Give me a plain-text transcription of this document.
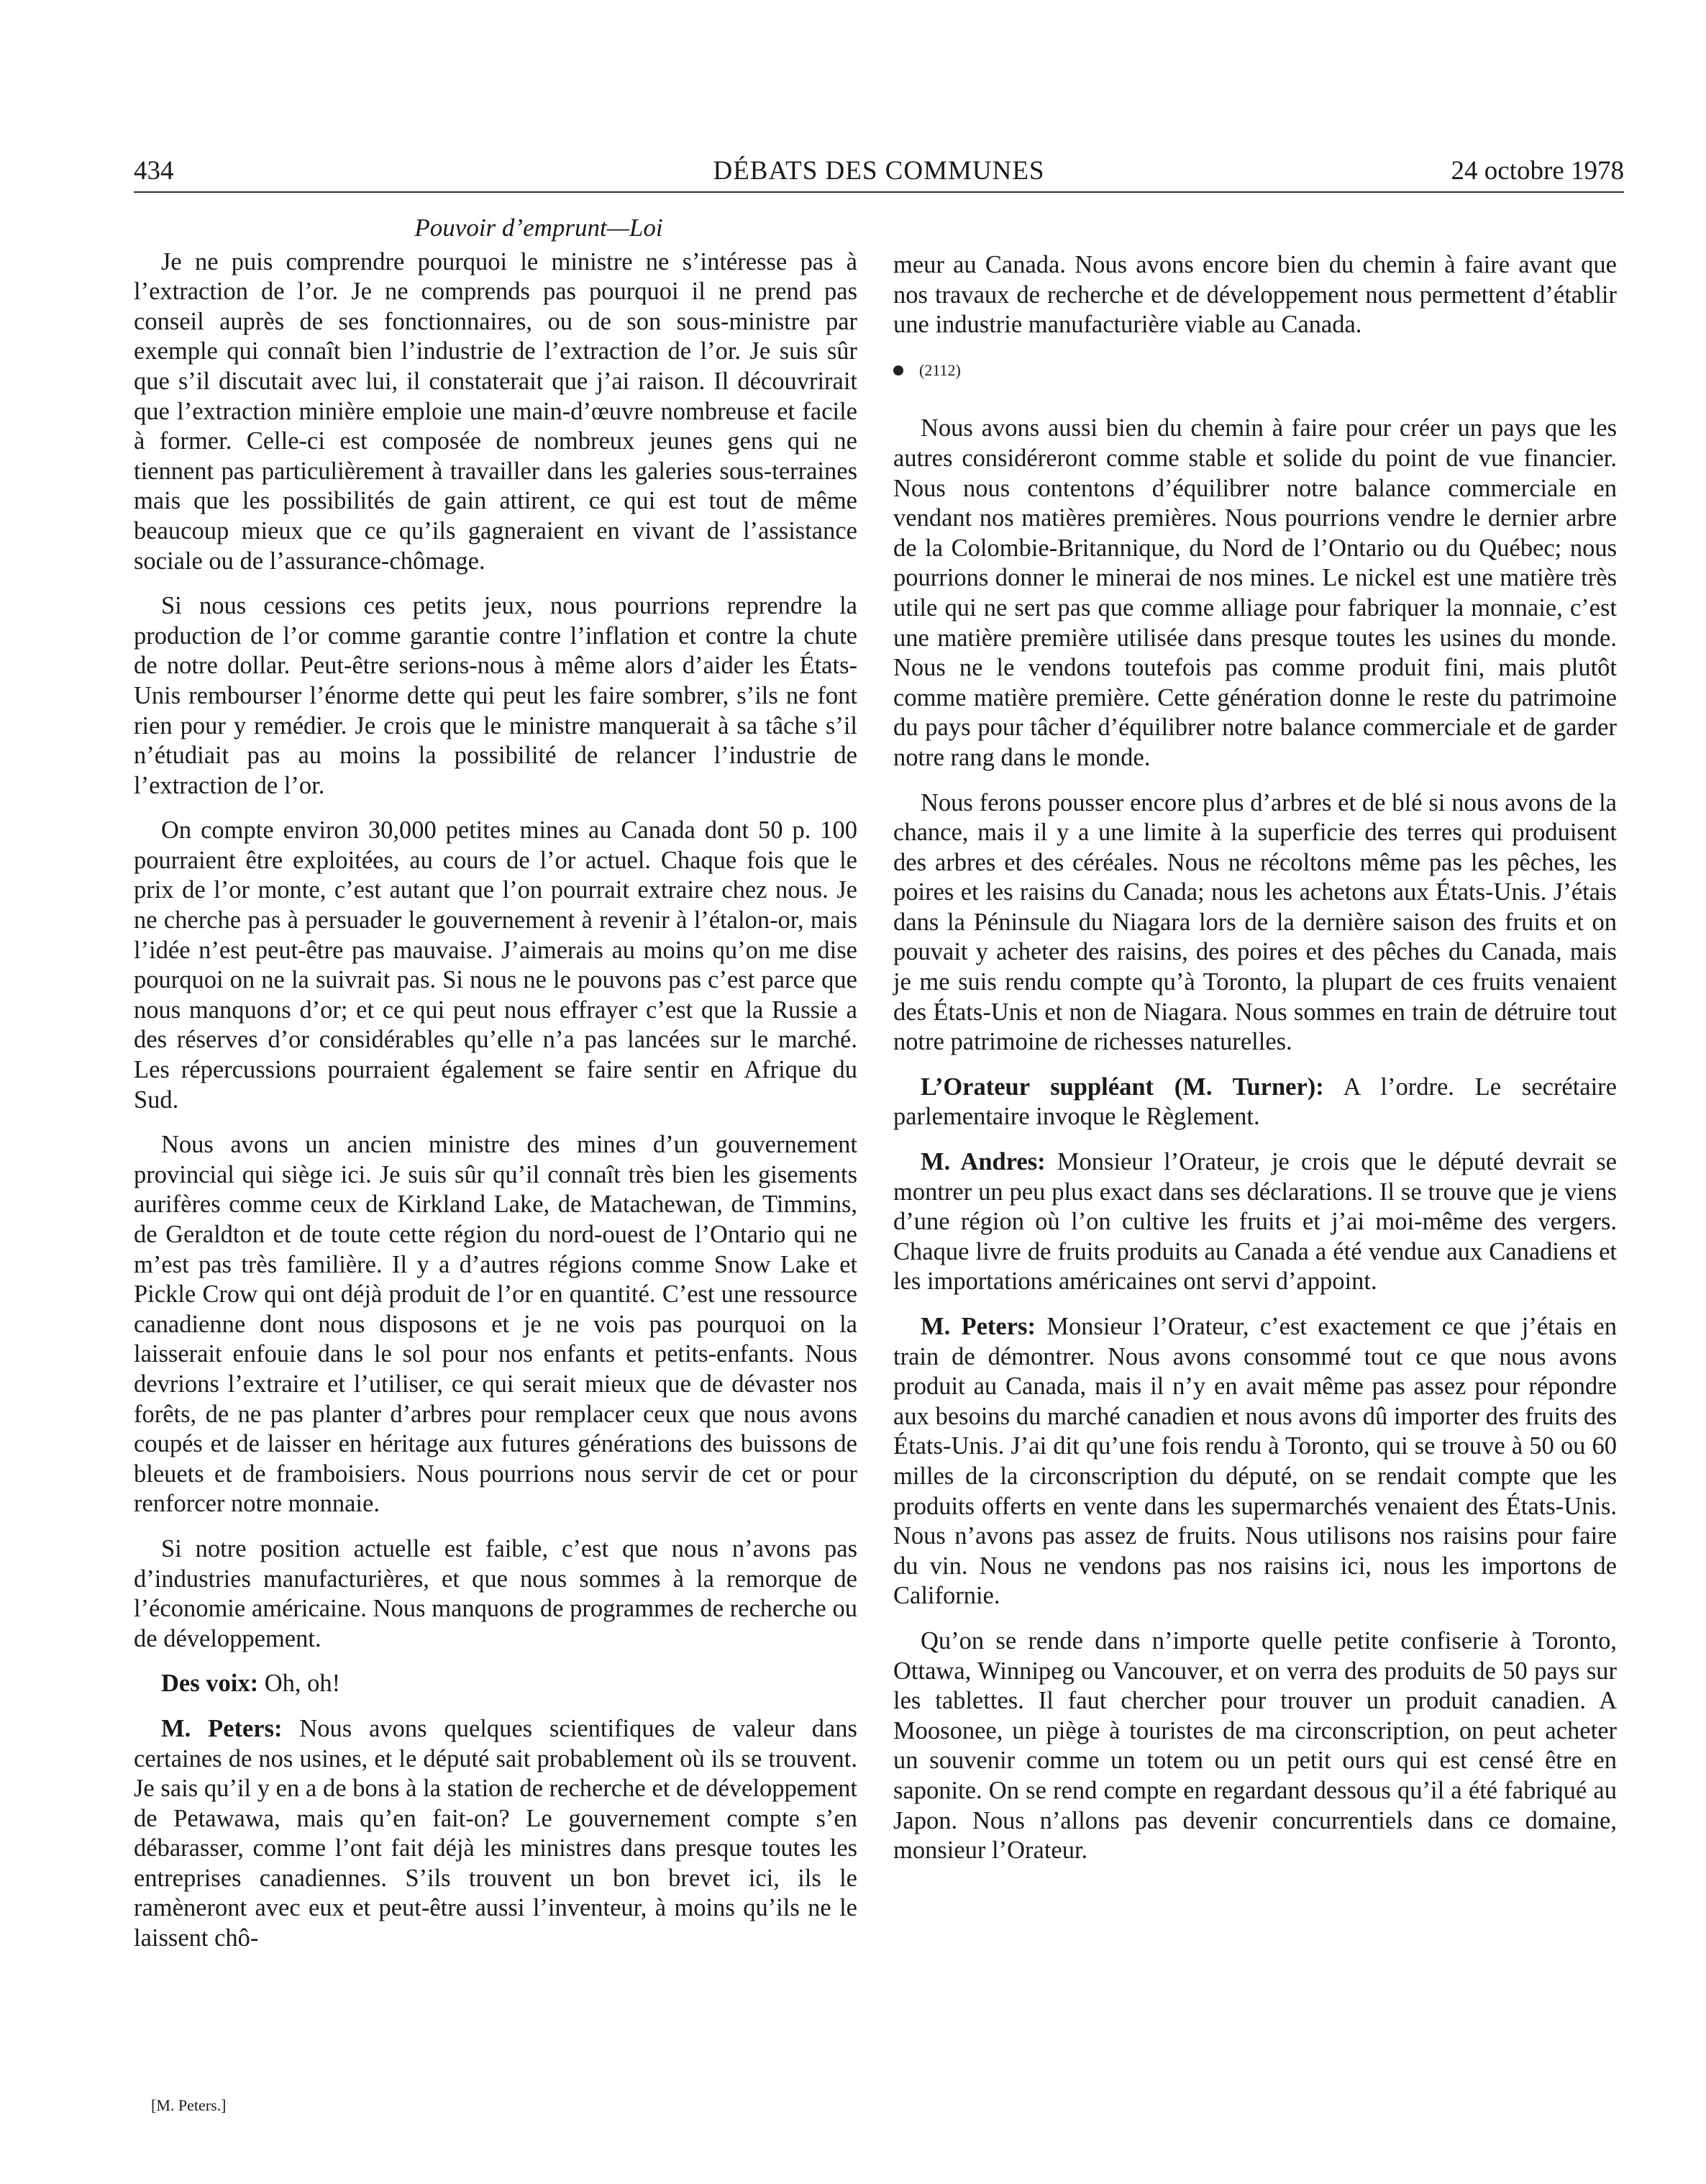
434	DÉBATS DES COMMUNES	24 octobre 1978
Pouvoir d’emprunt—Loi

Je ne puis comprendre pourquoi le ministre ne s’intéresse pas à l’extraction de l’or. Je ne comprends pas pourquoi il ne prend pas conseil auprès de ses fonctionnaires, ou de son sous-ministre par exemple qui connaît bien l’industrie de l’extraction de l’or. Je suis sûr que s’il discutait avec lui, il constaterait que j’ai raison. Il découvrirait que l’extraction minière emploie une main-d’œuvre nombreuse et facile à former. Celle-ci est composée de nombreux jeunes gens qui ne tiennent pas particulièrement à travailler dans les galeries sous-terraines mais que les possibilités de gain attirent, ce qui est tout de même beaucoup mieux que ce qu’ils gagneraient en vivant de l’assistance sociale ou de l’assurance-chômage.

Si nous cessions ces petits jeux, nous pourrions reprendre la production de l’or comme garantie contre l’inflation et contre la chute de notre dollar. Peut-être serions-nous à même alors d’aider les États-Unis rembourser l’énorme dette qui peut les faire sombrer, s’ils ne font rien pour y remédier. Je crois que le ministre manquerait à sa tâche s’il n’étudiait pas au moins la possibilité de relancer l’industrie de l’extraction de l’or.

On compte environ 30,000 petites mines au Canada dont 50 p. 100 pourraient être exploitées, au cours de l’or actuel. Chaque fois que le prix de l’or monte, c’est autant que l’on pourrait extraire chez nous. Je ne cherche pas à persuader le gouvernement à revenir à l’étalon-or, mais l’idée n’est peut-être pas mauvaise. J’aimerais au moins qu’on me dise pourquoi on ne la suivrait pas. Si nous ne le pouvons pas c’est parce que nous manquons d’or; et ce qui peut nous effrayer c’est que la Russie a des réserves d’or considérables qu’elle n’a pas lancées sur le marché. Les répercussions pourraient également se faire sentir en Afrique du Sud.

Nous avons un ancien ministre des mines d’un gouvernement provincial qui siège ici. Je suis sûr qu’il connaît très bien les gisements aurifères comme ceux de Kirkland Lake, de Matachewan, de Timmins, de Geraldton et de toute cette région du nord-ouest de l’Ontario qui ne m’est pas très familière. Il y a d’autres régions comme Snow Lake et Pickle Crow qui ont déjà produit de l’or en quantité. C’est une ressource canadienne dont nous disposons et je ne vois pas pourquoi on la laisserait enfouie dans le sol pour nos enfants et petits-enfants. Nous devrions l’extraire et l’utiliser, ce qui serait mieux que de dévaster nos forêts, de ne pas planter d’arbres pour remplacer ceux que nous avons coupés et de laisser en héritage aux futures générations des buissons de bleuets et de framboisiers. Nous pourrions nous servir de cet or pour renforcer notre monnaie.

Si notre position actuelle est faible, c’est que nous n’avons pas d’industries manufacturières, et que nous sommes à la remorque de l’économie américaine. Nous manquons de programmes de recherche ou de développement.

Des voix: Oh, oh!

M. Peters: Nous avons quelques scientifiques de valeur dans certaines de nos usines, et le député sait probablement où ils se trouvent. Je sais qu’il y en a de bons à la station de recherche et de développement de Petawawa, mais qu’en fait-on? Le gouvernement compte s’en débarasser, comme l’ont fait déjà les ministres dans presque toutes les entreprises canadiennes. S’ils trouvent un bon brevet ici, ils le ramèneront avec eux et peut-être aussi l’inventeur, à moins qu’ils ne le laissent chô-

meur au Canada. Nous avons encore bien du chemin à faire avant que nos travaux de recherche et de développement nous permettent d’établir une industrie manufacturière viable au Canada.

(2112)

Nous avons aussi bien du chemin à faire pour créer un pays que les autres considéreront comme stable et solide du point de vue financier. Nous nous contentons d’équilibrer notre balance commerciale en vendant nos matières premières. Nous pourrions vendre le dernier arbre de la Colombie-Britannique, du Nord de l’Ontario ou du Québec; nous pourrions donner le minerai de nos mines. Le nickel est une matière très utile qui ne sert pas que comme alliage pour fabriquer la monnaie, c’est une matière première utilisée dans presque toutes les usines du monde. Nous ne le vendons toutefois pas comme produit fini, mais plutôt comme matière première. Cette génération donne le reste du patrimoine du pays pour tâcher d’équilibrer notre balance commerciale et de garder notre rang dans le monde.

Nous ferons pousser encore plus d’arbres et de blé si nous avons de la chance, mais il y a une limite à la superficie des terres qui produisent des arbres et des céréales. Nous ne récoltons même pas les pêches, les poires et les raisins du Canada; nous les achetons aux États-Unis. J’étais dans la Péninsule du Niagara lors de la dernière saison des fruits et on pouvait y acheter des raisins, des poires et des pêches du Canada, mais je me suis rendu compte qu’à Toronto, la plupart de ces fruits venaient des États-Unis et non de Niagara. Nous sommes en train de détruire tout notre patrimoine de richesses naturelles.

L’Orateur suppléant (M. Turner): A l’ordre. Le secrétaire parlementaire invoque le Règlement.

M. Andres: Monsieur l’Orateur, je crois que le député devrait se montrer un peu plus exact dans ses déclarations. Il se trouve que je viens d’une région où l’on cultive les fruits et j’ai moi-même des vergers. Chaque livre de fruits produits au Canada a été vendue aux Canadiens et les importations américaines ont servi d’appoint.

M. Peters: Monsieur l’Orateur, c’est exactement ce que j’étais en train de démontrer. Nous avons consommé tout ce que nous avons produit au Canada, mais il n’y en avait même pas assez pour répondre aux besoins du marché canadien et nous avons dû importer des fruits des États-Unis. J’ai dit qu’une fois rendu à Toronto, qui se trouve à 50 ou 60 milles de la circonscription du député, on se rendait compte que les produits offerts en vente dans les supermarchés venaient des États-Unis. Nous n’avons pas assez de fruits. Nous utilisons nos raisins pour faire du vin. Nous ne vendons pas nos raisins ici, nous les importons de Californie.

Qu’on se rende dans n’importe quelle petite confiserie à Toronto, Ottawa, Winnipeg ou Vancouver, et on verra des produits de 50 pays sur les tablettes. Il faut chercher pour trouver un produit canadien. A Moosonee, un piège à touristes de ma circonscription, on peut acheter un souvenir comme un totem ou un petit ours qui est censé être en saponite. On se rend compte en regardant dessous qu’il a été fabriqué au Japon. Nous n’allons pas devenir concurrentiels dans ce domaine, monsieur l’Orateur.

[M. Peters.]
